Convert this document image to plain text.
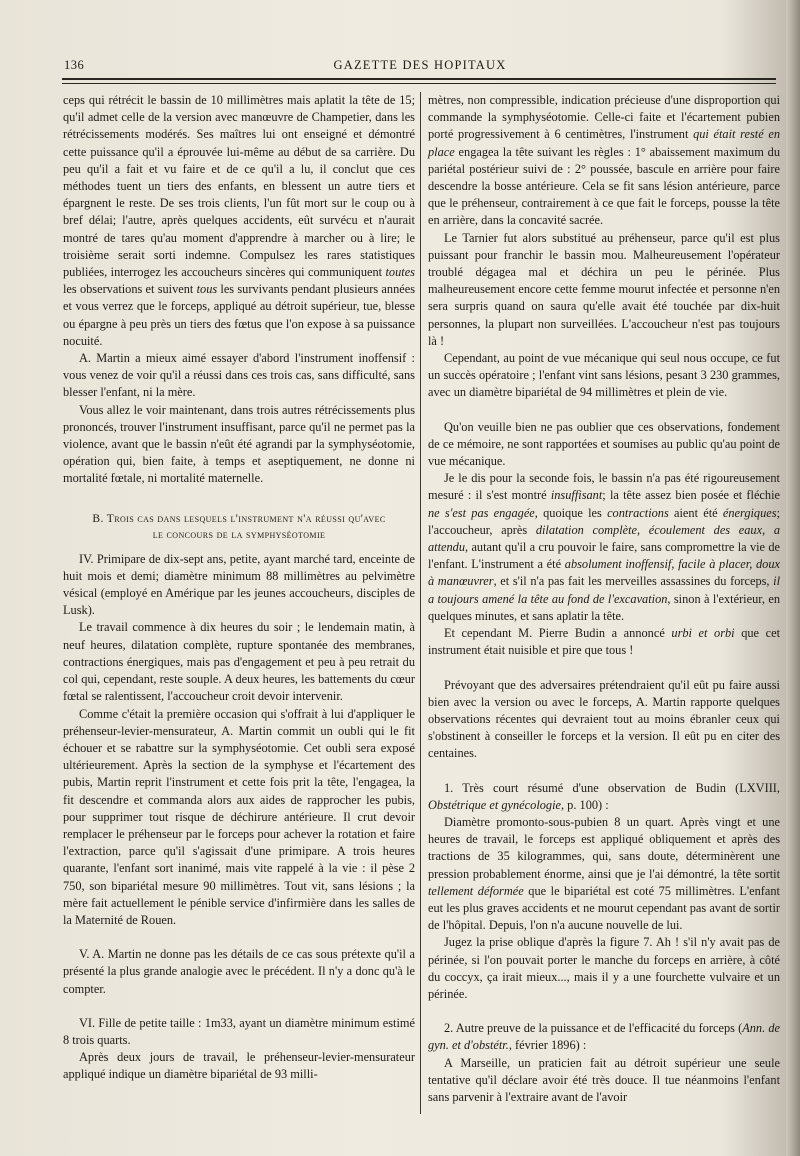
136	GAZETTE DES HOPITAUX

ceps qui rétrécit le bassin de 10 millimètres mais aplatit la tête de 15; qu'il admet celle de la version avec manœuvre de Champetier, dans les rétrécissements modérés. Ses maîtres lui ont enseigné et démontré cette puissance qu'il a éprouvée lui-même au début de sa carrière. Du peu qu'il a fait et vu faire et de ce qu'il a lu, il conclut que ces méthodes tuent un tiers des enfants, en blessent un autre tiers et épargnent le reste. De ses trois clients, l'un fût mort sur le coup ou à bref délai; l'autre, après quelques accidents, eût survécu et n'aurait montré de tares qu'au moment d'apprendre à marcher ou à lire; le troisième serait sorti indemne. Compulsez les rares statistiques publiées, interrogez les accoucheurs sincères qui communiquent toutes les observations et suivent tous les survivants pendant plusieurs années et vous verrez que le forceps, appliqué au détroit supérieur, tue, blesse ou épargne à peu près un tiers des fœtus que l'on expose à sa puissance nocuité.

A. Martin a mieux aimé essayer d'abord l'instrument inoffensif : vous venez de voir qu'il a réussi dans ces trois cas, sans difficulté, sans blesser l'enfant, ni la mère.

Vous allez le voir maintenant, dans trois autres rétrécissements plus prononcés, trouver l'instrument insuffisant, parce qu'il ne permet pas la violence, avant que le bassin n'eût été agrandi par la symphyséotomie, opération qui, bien faite, à temps et aseptiquement, ne donne ni mortalité fœtale, ni mortalité maternelle.

B. Trois cas dans lesquels l'instrument n'a réussi qu'avec
le concours de la symphyséotomie

IV. Primipare de dix-sept ans, petite, ayant marché tard, enceinte de huit mois et demi; diamètre minimum 88 millimètres au pelvimètre vésical (employé en Amérique par les jeunes accoucheurs, disciples de Lusk).

Le travail commence à dix heures du soir ; le lendemain matin, à neuf heures, dilatation complète, rupture spontanée des membranes, contractions énergiques, mais pas d'engagement et peu à peu retrait du col qui, cependant, reste souple. A deux heures, les battements du cœur fœtal se ralentissent, l'accoucheur croit devoir intervenir.

Comme c'était la première occasion qui s'offrait à lui d'appliquer le préhenseur-levier-mensurateur, A. Martin commit un oubli qui le fit échouer et se rabattre sur la symphyséotomie. Cet oubli sera exposé ultérieurement. Après la section de la symphyse et l'écartement des pubis, Martin reprit l'instrument et cette fois prit la tête, l'engagea, la fit descendre et commanda alors aux aides de rapprocher les pubis, pour supprimer tout risque de déchirure antérieure. Il crut devoir remplacer le préhenseur par le forceps pour achever la rotation et faire l'extraction, parce qu'il s'agissait d'une primipare. A trois heures quarante, l'enfant sort inanimé, mais vite rappelé à la vie : il pèse 2 750, son bipariétal mesure 90 millimètres. Tout vit, sans lésions ; la mère fait actuellement le pénible service d'infirmière dans les salles de la Maternité de Rouen.

V. A. Martin ne donne pas les détails de ce cas sous prétexte qu'il a présenté la plus grande analogie avec le précédent. Il n'y a donc qu'à le compter.

VI. Fille de petite taille : 1m33, ayant un diamètre minimum estimé 8 trois quarts.

Après deux jours de travail, le préhenseur-levier-mensurateur appliqué indique un diamètre bipariétal de 93 milli-

mètres, non compressible, indication précieuse d'une disproportion qui commande la symphyséotomie. Celle-ci faite et l'écartement pubien porté progressivement à 6 centimètres, l'instrument qui était resté en place engagea la tête suivant les règles : 1° abaissement maximum du pariétal postérieur suivi de : 2° poussée, bascule en arrière pour faire descendre la bosse antérieure. Cela se fit sans lésion antérieure, parce que le préhenseur, contrairement à ce que fait le forceps, pousse la tête en arrière, dans la concavité sacrée.

Le Tarnier fut alors substitué au préhenseur, parce qu'il est plus puissant pour franchir le bassin mou. Malheureusement l'opérateur troublé dégagea mal et déchira un peu le périnée. Plus malheureusement encore cette femme mourut infectée et personne n'en sera surpris quand on saura qu'elle avait été touchée par dix-huit personnes, la plupart non surveillées. L'accoucheur n'est pas toujours là !

Cependant, au point de vue mécanique qui seul nous occupe, ce fut un succès opératoire ; l'enfant vint sans lésions, pesant 3 230 grammes, avec un diamètre bipariétal de 94 millimètres et plein de vie.

Qu'on veuille bien ne pas oublier que ces observations, fondement de ce mémoire, ne sont rapportées et soumises au public qu'au point de vue mécanique.

Je le dis pour la seconde fois, le bassin n'a pas été rigoureusement mesuré : il s'est montré insuffisant; la tête assez bien posée et fléchie ne s'est pas engagée, quoique les contractions aient été énergiques; l'accoucheur, après dilatation complète, écoulement des eaux, a attendu, autant qu'il a cru pouvoir le faire, sans compromettre la vie de l'enfant. L'instrument a été absolument inoffensif, facile à placer, doux à manœuvrer, et s'il n'a pas fait les merveilles assassines du forceps, il a toujours amené la tête au fond de l'excavation, sinon à l'extérieur, en quelques minutes, et sans aplatir la tête.

Et cependant M. Pierre Budin a annoncé urbi et orbi que cet instrument était nuisible et pire que tous !

Prévoyant que des adversaires prétendraient qu'il eût pu faire aussi bien avec la version ou avec le forceps, A. Martin rapporte quelques observations récentes qui devraient tout au moins ébranler ceux qui s'obstinent à conseiller le forceps et la version. Il eût pu en citer des centaines.

1. Très court résumé d'une observation de Budin (LXVIII, Obstétrique et gynécologie, p. 100) :

Diamètre promonto-sous-pubien 8 un quart. Après vingt et une heures de travail, le forceps est appliqué obliquement et après des tractions de 35 kilogrammes, qui, sans doute, déterminèrent une pression probablement énorme, ainsi que je l'ai démontré, la tête sortit tellement déformée que le bipariétal est coté 75 millimètres. L'enfant eut les plus graves accidents et ne mourut cependant pas avant de sortir de l'hôpital. Depuis, l'on n'a aucune nouvelle de lui.

Jugez la prise oblique d'après la figure 7. Ah ! s'il n'y avait pas de périnée, si l'on pouvait porter le manche du forceps en arrière, à côté du coccyx, ça irait mieux..., mais il y a une fourchette vulvaire et un périnée.

2. Autre preuve de la puissance et de l'efficacité du forceps (Ann. de gyn. et d'obstétr., février 1896) :

A Marseille, un praticien fait au détroit supérieur une seule tentative qu'il déclare avoir été très douce. Il tue néanmoins l'enfant sans parvenir à l'extraire avant de l'avoir
